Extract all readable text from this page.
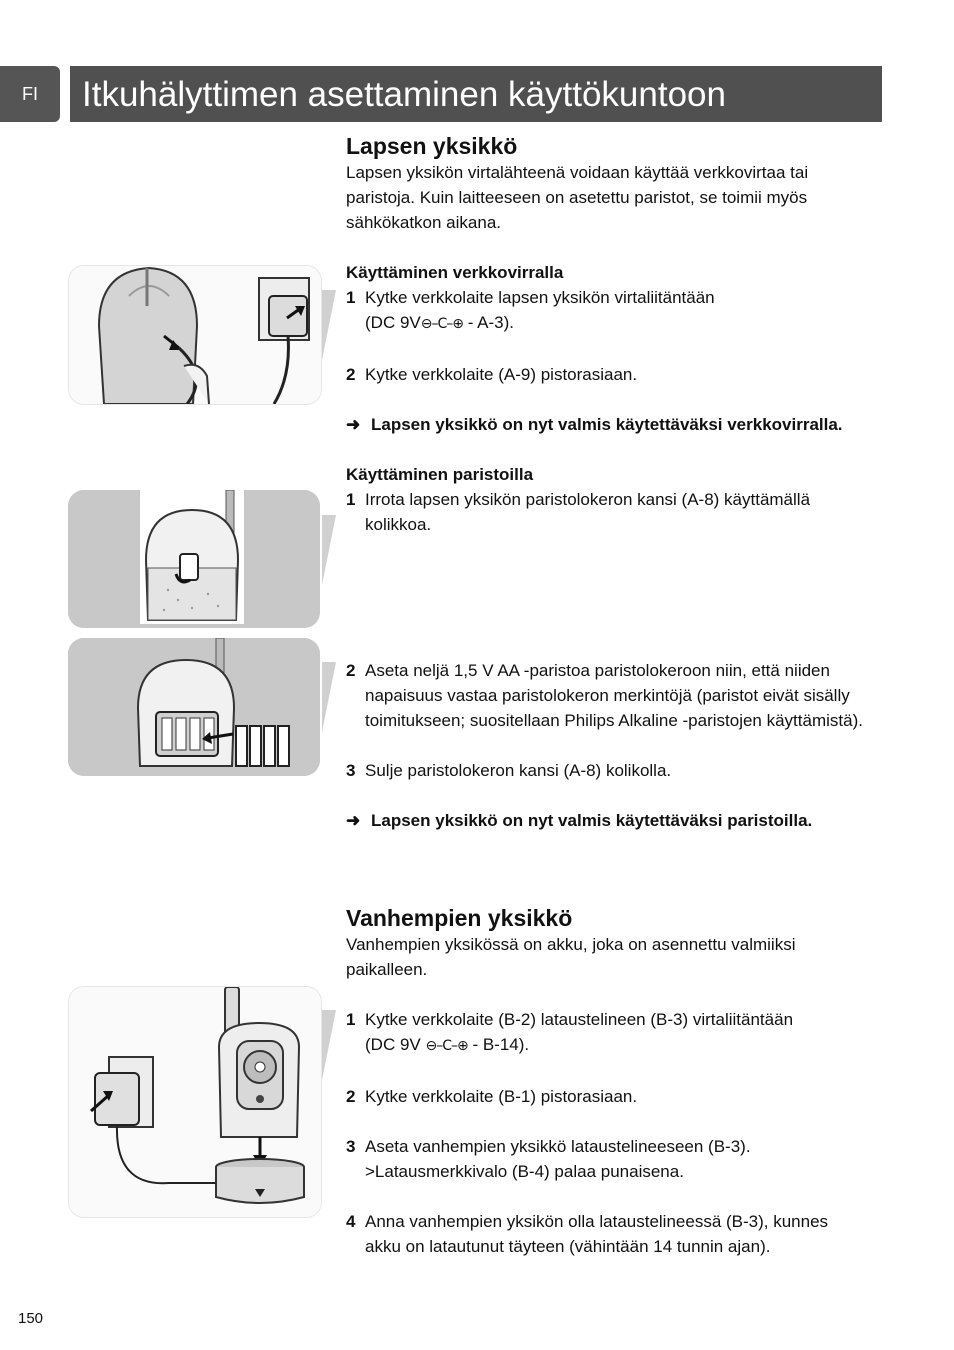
FI	Itkuhälyttimen asettaminen käyttökuntoon
Lapsen yksikkö

Lapsen yksikön virtalähteenä voidaan käyttää verkkovirtaa tai paristoja. Kuin laitteeseen on asetettu paristot, se toimii myös sähkökatkon aikana.

Käyttäminen verkkovirralla

1 Kytke verkkolaite lapsen yksikön virtaliitäntään
(DC 9V⊖–C–⊕ - A-3).
2 Kytke verkkolaite (A-9) pistorasiaan.
➜ Lapsen yksikkö on nyt valmis käytettäväksi verkkovirralla.

Käyttäminen paristoilla

1 Irrota lapsen yksikön paristolokeron kansi (A-8) käyttämällä kolikkoa.
2 Aseta neljä 1,5 V AA -paristoa paristolokeroon niin, että niiden napaisuus vastaa paristolokeron merkintöjä (paristot eivät sisälly toimitukseen; suositellaan Philips Alkaline -paristojen käyttämistä).
3 Sulje paristolokeron kansi (A-8) kolikolla.
➜ Lapsen yksikkö on nyt valmis käytettäväksi paristoilla.
Vanhempien yksikkö

Vanhempien yksikössä on akku, joka on asennettu valmiiksi paikalleen.

1 Kytke verkkolaite (B-2) lataustelineen (B-3) virtaliitäntään
(DC 9V ⊖–C–⊕ - B-14).
2 Kytke verkkolaite (B-1) pistorasiaan.
3 Aseta vanhempien yksikkö lataustelineeseen (B-3).
>Latausmerkkivalo (B-4) palaa punaisena.
4 Anna vanhempien yksikön olla lataustelineessä (B-3), kunnes akku on latautunut täyteen (vähintään 14 tunnin ajan).
150
